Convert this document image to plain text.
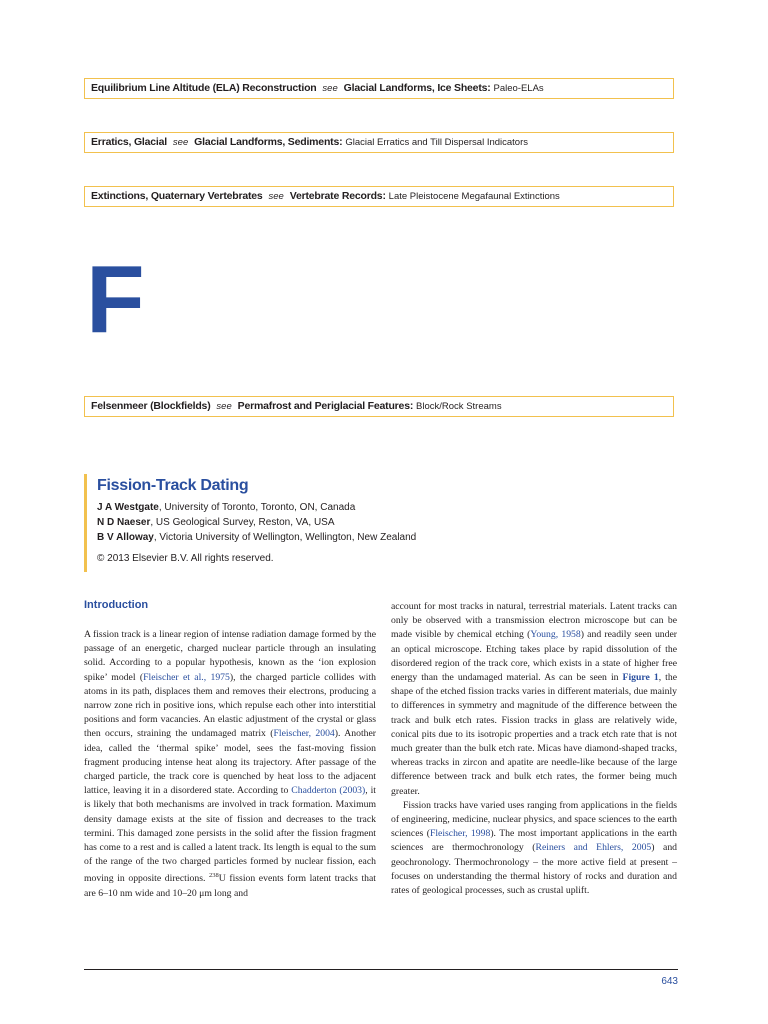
Equilibrium Line Altitude (ELA) Reconstruction see Glacial Landforms, Ice Sheets: Paleo-ELAs
Erratics, Glacial see Glacial Landforms, Sediments: Glacial Erratics and Till Dispersal Indicators
Extinctions, Quaternary Vertebrates see Vertebrate Records: Late Pleistocene Megafaunal Extinctions
F
Felsenmeer (Blockfields) see Permafrost and Periglacial Features: Block/Rock Streams
Fission-Track Dating
J A Westgate, University of Toronto, Toronto, ON, Canada
N D Naeser, US Geological Survey, Reston, VA, USA
B V Alloway, Victoria University of Wellington, Wellington, New Zealand
© 2013 Elsevier B.V. All rights reserved.
Introduction

A fission track is a linear region of intense radiation damage formed by the passage of an energetic, charged nuclear particle through an insulating solid. According to a popular hypothesis, known as the ‘ion explosion spike’ model (Fleischer et al., 1975), the charged particle collides with atoms in its path, displaces them and removes their electrons, producing a narrow zone rich in positive ions, which repulse each other into interstitial positions and form vacancies. An elastic adjustment of the crystal or glass then occurs, straining the undamaged matrix (Fleischer, 2004). Another idea, called the ‘thermal spike’ model, sees the fast-moving fission fragment producing intense heat along its trajectory. After passage of the charged particle, the track core is quenched by heat loss to the adjacent lattice, leaving it in a disordered state. According to Chadderton (2003), it is likely that both mechanisms are involved in track formation. Maximum density damage exists at the site of fission and decreases to the track termini. This damaged zone persists in the solid after the fission fragment has come to a rest and is called a latent track. Its length is equal to the sum of the range of the two charged particles formed by nuclear fission, each moving in opposite directions. $^{238}$U fission events form latent tracks that are 6–10 nm wide and 10–20 μm long and

account for most tracks in natural, terrestrial materials. Latent tracks can only be observed with a transmission electron microscope but can be made visible by chemical etching (Young, 1958) and readily seen under an optical microscope. Etching takes place by rapid dissolution of the disordered region of the track core, which exists in a state of higher free energy than the undamaged material. As can be seen in Figure 1, the shape of the etched fission tracks varies in different materials, due mainly to differences in symmetry and magnitude of the difference between the track and bulk etch rates. Fission tracks in glass are relatively wide, conical pits due to its isotropic properties and a track etch rate that is not much greater than the bulk etch rate. Micas have diamond-shaped tracks, whereas tracks in zircon and apatite are needle-like because of the large difference between track and bulk etch rates, the former being much greater.

Fission tracks have varied uses ranging from applications in the fields of engineering, medicine, nuclear physics, and space sciences to the earth sciences (Fleischer, 1998). The most important applications in the earth sciences are thermochronology (Reiners and Ehlers, 2005) and geochronology. Thermochronology – the more active field at present – focuses on understanding the thermal history of rocks and duration and rates of geological processes, such as crustal uplift.

643
